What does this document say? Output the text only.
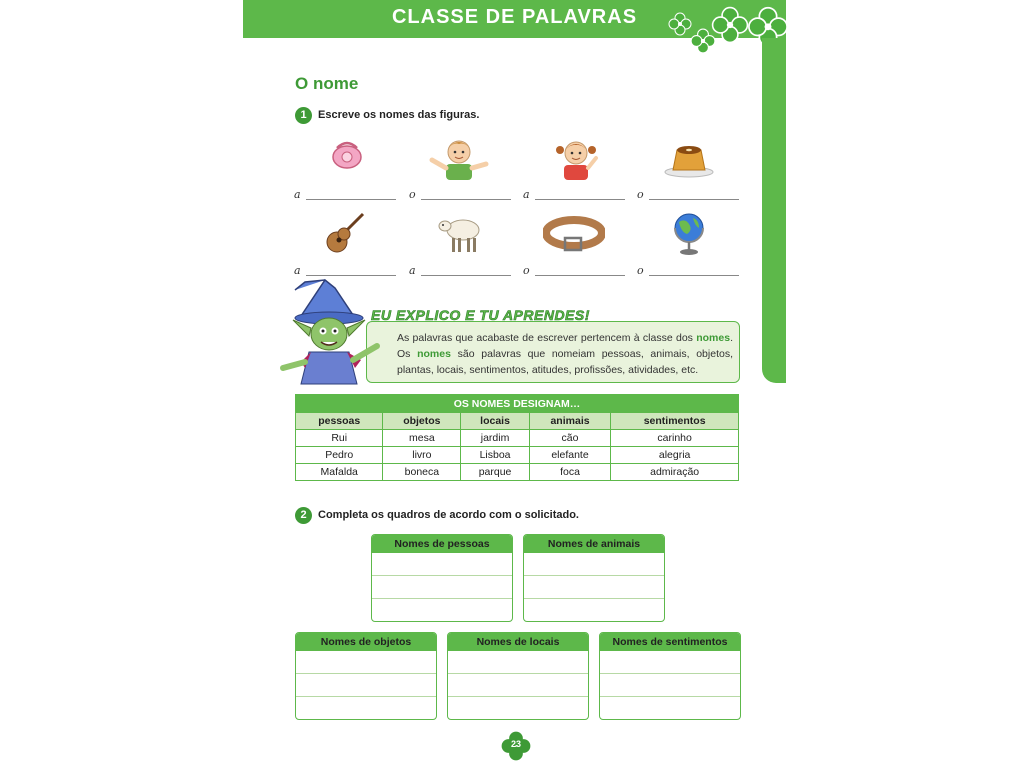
CLASSE DE PALAVRAS
O nome
1	Escreve os nomes das figuras.
a	o	a	o
a	a	o	o
As palavras que acabaste de escrever pertencem à classe dos nomes. Os nomes são palavras que nomeiam pessoas, animais, objetos, plantas, locais, sentimentos, atitudes, profissões, atividades, etc.
EU EXPLICO E TU APRENDES!
OS NOMES DESIGNAM…				
pessoas	objetos	locais	animais	sentimentos
Rui	mesa	jardim	cão	carinho
Pedro	livro	Lisboa	elefante	alegria
Mafalda	boneca	parque	foca	admiração
2	Completa os quadros de acordo com o solicitado.
Nomes de pessoas	Nomes de animais
Nomes de objetos	Nomes de locais	Nomes de sentimentos
23
